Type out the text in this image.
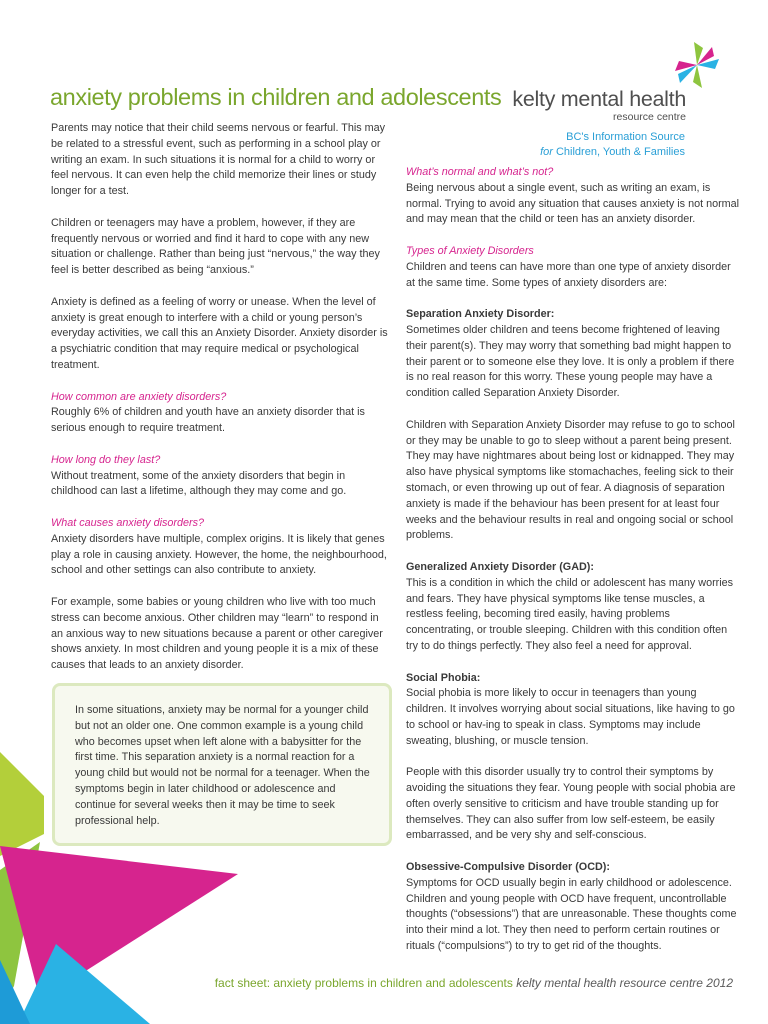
anxiety problems in children and adolescents kelty mental health
resource centre
BC's Information Source
for Children, Youth & Families

Parents may notice that their child seems nervous or fearful. This may be related to a stressful event, such as performing in a school play or writing an exam. In such situations it is normal for a child to worry or feel nervous. It can even help the child memorize their lines or study longer for a test.

Children or teenagers may have a problem, however, if they are frequently nervous or worried and find it hard to cope with any new situation or challenge. Rather than being just “nervous,” the way they feel is better described as being “anxious.”

Anxiety is defined as a feeling of worry or unease. When the level of anxiety is great enough to interfere with a child or young person’s everyday activities, we call this an Anxiety Disorder. Anxiety disorder is a psychiatric condition that may require medical or psychological treatment.

How common are anxiety disorders?

Roughly 6% of children and youth have an anxiety disorder that is serious enough to require treatment.

How long do they last?

Without treatment, some of the anxiety disorders that begin in childhood can last a lifetime, although they may come and go.

What causes anxiety disorders?

Anxiety disorders have multiple, complex origins. It is likely that genes play a role in causing anxiety. However, the home, the neighbourhood, school and other settings can also contribute to anxiety.

For example, some babies or young children who live with too much stress can become anxious. Other children may “learn” to respond in an anxious way to new situations because a parent or other caregiver shows anxiety. In most children and young people it is a mix of these causes that leads to an anxiety disorder.

In some situations, anxiety may be normal for a younger child but not an older one. One common example is a young child who becomes upset when left alone with a babysitter for the first time. This separation anxiety is a normal reaction for a young child but would not be normal for a teenager. When the symptoms begin in later childhood or adolescence and continue for several weeks then it may be time to seek professional help.
What’s normal and what’s not?

Being nervous about a single event, such as writing an exam, is normal. Trying to avoid any situation that causes anxiety is not normal and may mean that the child or teen has an anxiety disorder.

Types of Anxiety Disorders

Children and teens can have more than one type of anxiety disorder at the same time. Some types of anxiety disorders are:

Separation Anxiety Disorder:

Sometimes older children and teens become frightened of leaving their parent(s). They may worry that something bad might happen to their parent or to someone else they love. It is only a problem if there is no real reason for this worry. These young people may have a condition called Separation Anxiety Disorder.

Children with Separation Anxiety Disorder may refuse to go to school or they may be unable to go to sleep without a parent being present. They may have nightmares about being lost or kidnapped. They may also have physical symptoms like stomachaches, feeling sick to their stomach, or even throwing up out of fear. A diagnosis of separation anxiety is made if the behaviour has been present for at least four weeks and the behaviour results in real and ongoing social or school problems.

Generalized Anxiety Disorder (GAD):

This is a condition in which the child or adolescent has many worries and fears. They have physical symptoms like tense muscles, a restless feeling, becoming tired easily, having problems concentrating, or trouble sleeping. Children with this condition often try to do things perfectly. They also feel a need for approval.

Social Phobia:

Social phobia is more likely to occur in teenagers than young children. It involves worrying about social situations, like having to go to school or hav-ing to speak in class. Symptoms may include sweating, blushing, or muscle tension.

People with this disorder usually try to control their symptoms by avoiding the situations they fear. Young people with social phobia are often overly sensitive to criticism and have trouble standing up for themselves. They can also suffer from low self-esteem, be easily embarrassed, and be very shy and self-conscious.

Obsessive-Compulsive Disorder (OCD):

Symptoms for OCD usually begin in early childhood or adolescence. Children and young people with OCD have frequent, uncontrollable thoughts (“obsessions”) that are unreasonable. These thoughts come into their mind a lot. They then need to perform certain routines or rituals (“compulsions”) to try to get rid of the thoughts.

fact sheet: anxiety problems in children and adolescents kelty mental health resource centre 2012
